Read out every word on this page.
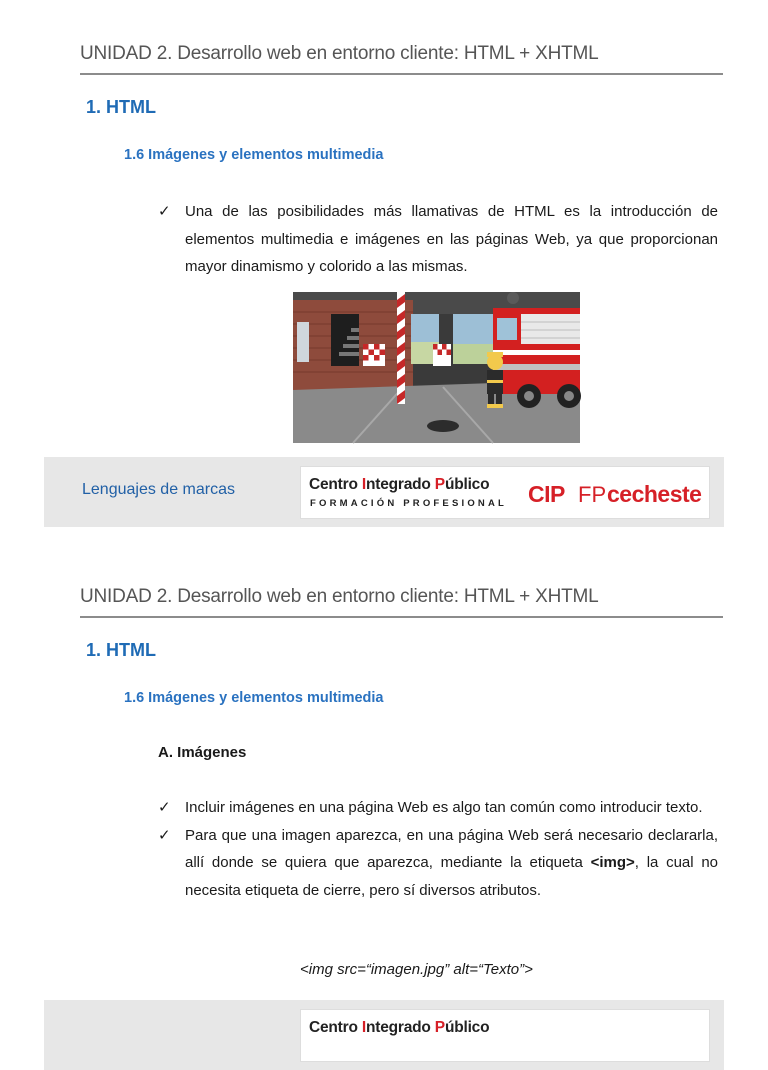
UNIDAD 2. Desarrollo web en entorno cliente: HTML + XHTML
1. HTML
1.6 Imágenes y elementos multimedia
✓ Una de las posibilidades más llamativas de HTML es la introducción de elementos multimedia e imágenes en las páginas Web, ya que proporcionan mayor dinamismo y colorido a las mismas.
Lenguajes de marcas	Centro Integrado Público
FORMACIÓN PROFESIONAL CIP FP cecheste
UNIDAD 2. Desarrollo web en entorno cliente: HTML + XHTML
1. HTML
1.6 Imágenes y elementos multimedia
A. Imágenes
✓ Incluir imágenes en una página Web es algo tan común como introducir texto.
✓ Para que una imagen aparezca, en una página Web será necesario declararla, allí donde se quiera que aparezca, mediante la etiqueta <img>, la cual no necesita etiqueta de cierre, pero sí diversos atributos.
<img src=“imagen.jpg” alt=“Texto”>
Centro Integrado Público
